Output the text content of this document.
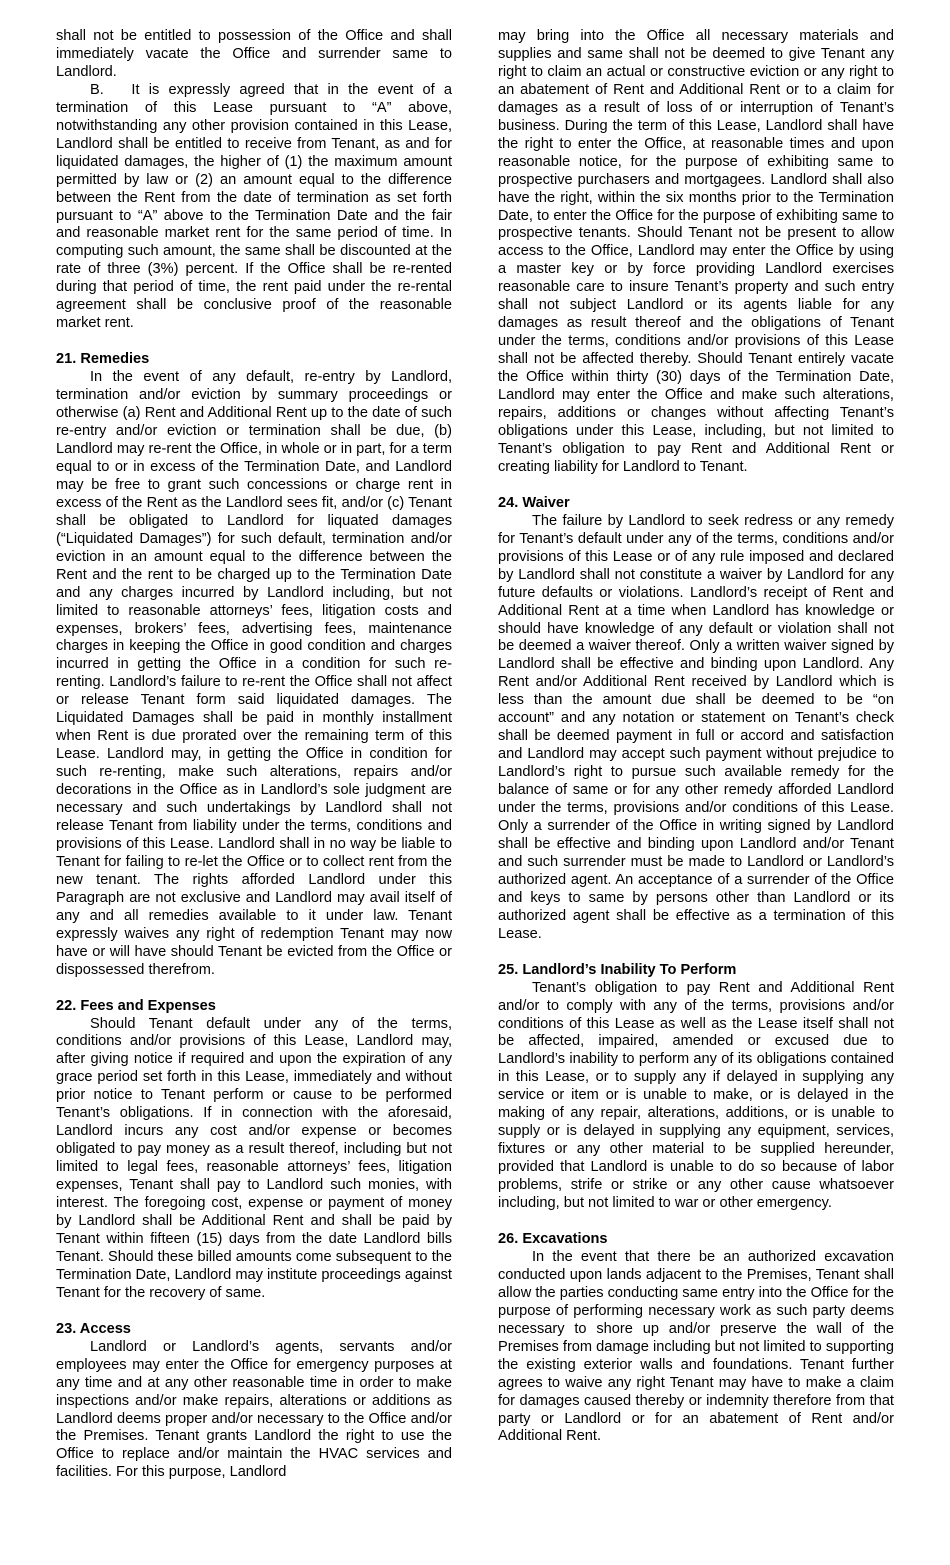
shall not be entitled to possession of the Office and shall immediately vacate the Office and surrender same to Landlord.

B.   It is expressly agreed that in the event of a termination of this Lease pursuant to “A” above, notwithstanding any other provision contained in this Lease, Landlord shall be entitled to receive from Tenant, as and for liquidated damages, the higher of (1) the maximum amount permitted by law or (2) an amount equal to the difference between the Rent from the date of termination as set forth pursuant to “A” above to the Termination Date and the fair and reasonable market rent for the same period of time. In computing such amount, the same shall be discounted at the rate of three (3%) percent. If the Office shall be re-rented during that period of time, the rent paid under the re-rental agreement shall be conclusive proof of the reasonable market rent.

21. Remedies

In the event of any default, re-entry by Landlord, termination and/or eviction by summary proceedings or otherwise (a) Rent and Additional Rent up to the date of such re-entry and/or eviction or termination shall be due, (b) Landlord may re-rent the Office, in whole or in part, for a term equal to or in excess of the Termination Date, and Landlord may be free to grant such concessions or charge rent in excess of the Rent as the Landlord sees fit, and/or (c) Tenant shall be obligated to Landlord for liquated damages (“Liquidated Damages”) for such default, termination and/or eviction in an amount equal to the difference between the Rent and the rent to be charged up to the Termination Date and any charges incurred by Landlord including, but not limited to reasonable attorneys’ fees, litigation costs and expenses, brokers’ fees, advertising fees, maintenance charges in keeping the Office in good condition and charges incurred in getting the Office in a condition for such re-renting. Landlord’s failure to re-rent the Office shall not affect or release Tenant form said liquidated damages. The Liquidated Damages shall be paid in monthly installment when Rent is due prorated over the remaining term of this Lease. Landlord may, in getting the Office in condition for such re-renting, make such alterations, repairs and/or decorations in the Office as in Landlord’s sole judgment are necessary and such undertakings by Landlord shall not release Tenant from liability under the terms, conditions and provisions of this Lease. Landlord shall in no way be liable to Tenant for failing to re-let the Office or to collect rent from the new tenant. The rights afforded Landlord under this Paragraph are not exclusive and Landlord may avail itself of any and all remedies available to it under law. Tenant expressly waives any right of redemption Tenant may now have or will have should Tenant be evicted from the Office or dispossessed therefrom.

22. Fees and Expenses

Should Tenant default under any of the terms, conditions and/or provisions of this Lease, Landlord may, after giving notice if required and upon the expiration of any grace period set forth in this Lease, immediately and without prior notice to Tenant perform or cause to be performed Tenant’s obligations. If in connection with the aforesaid, Landlord incurs any cost and/or expense or becomes obligated to pay money as a result thereof, including but not limited to legal fees, reasonable attorneys’ fees, litigation expenses, Tenant shall pay to Landlord such monies, with interest. The foregoing cost, expense or payment of money by Landlord shall be Additional Rent and shall be paid by Tenant within fifteen (15) days from the date Landlord bills Tenant. Should these billed amounts come subsequent to the Termination Date, Landlord may institute proceedings against Tenant for the recovery of same.

23. Access

Landlord or Landlord’s agents, servants and/or employees may enter the Office for emergency purposes at any time and at any other reasonable time in order to make inspections and/or make repairs, alterations or additions as Landlord deems proper and/or necessary to the Office and/or the Premises. Tenant grants Landlord the right to use the Office to replace and/or maintain the HVAC services and facilities. For this purpose, Landlord

may bring into the Office all necessary materials and supplies and same shall not be deemed to give Tenant any right to claim an actual or constructive eviction or any right to an abatement of Rent and Additional Rent or to a claim for damages as a result of loss of or interruption of Tenant’s business. During the term of this Lease, Landlord shall have the right to enter the Office, at reasonable times and upon reasonable notice, for the purpose of exhibiting same to prospective purchasers and mortgagees. Landlord shall also have the right, within the six months prior to the Termination Date, to enter the Office for the purpose of exhibiting same to prospective tenants. Should Tenant not be present to allow access to the Office, Landlord may enter the Office by using a master key or by force providing Landlord exercises reasonable care to insure Tenant’s property and such entry shall not subject Landlord or its agents liable for any damages as result thereof and the obligations of Tenant under the terms, conditions and/or provisions of this Lease shall not be affected thereby. Should Tenant entirely vacate the Office within thirty (30) days of the Termination Date, Landlord may enter the Office and make such alterations, repairs, additions or changes without affecting Tenant’s obligations under this Lease, including, but not limited to Tenant’s obligation to pay Rent and Additional Rent or creating liability for Landlord to Tenant.

24. Waiver

The failure by Landlord to seek redress or any remedy for Tenant’s default under any of the terms, conditions and/or provisions of this Lease or of any rule imposed and declared by Landlord shall not constitute a waiver by Landlord for any future defaults or violations. Landlord’s receipt of Rent and Additional Rent at a time when Landlord has knowledge or should have knowledge of any default or violation shall not be deemed a waiver thereof. Only a written waiver signed by Landlord shall be effective and binding upon Landlord. Any Rent and/or Additional Rent received by Landlord which is less than the amount due shall be deemed to be “on account” and any notation or statement on Tenant’s check shall be deemed payment in full or accord and satisfaction and Landlord may accept such payment without prejudice to Landlord’s right to pursue such available remedy for the balance of same or for any other remedy afforded Landlord under the terms, provisions and/or conditions of this Lease. Only a surrender of the Office in writing signed by Landlord shall be effective and binding upon Landlord and/or Tenant and such surrender must be made to Landlord or Landlord’s authorized agent. An acceptance of a surrender of the Office and keys to same by persons other than Landlord or its authorized agent shall be effective as a termination of this Lease.

25. Landlord’s Inability To Perform

Tenant’s obligation to pay Rent and Additional Rent and/or to comply with any of the terms, provisions and/or conditions of this Lease as well as the Lease itself shall not be affected, impaired, amended or excused due to Landlord’s inability to perform any of its obligations contained in this Lease, or to supply any if delayed in supplying any service or item or is unable to make, or is delayed in the making of any repair, alterations, additions, or is unable to supply or is delayed in supplying any equipment, services, fixtures or any other material to be supplied hereunder, provided that Landlord is unable to do so because of labor problems, strife or strike or any other cause whatsoever including, but not limited to war or other emergency.

26. Excavations

In the event that there be an authorized excavation conducted upon lands adjacent to the Premises, Tenant shall allow the parties conducting same entry into the Office for the purpose of performing necessary work as such party deems necessary to shore up and/or preserve the wall of the Premises from damage including but not limited to supporting the existing exterior walls and foundations. Tenant further agrees to waive any right Tenant may have to make a claim for damages caused thereby or indemnity therefore from that party or Landlord or for an abatement of Rent and/or Additional Rent.
